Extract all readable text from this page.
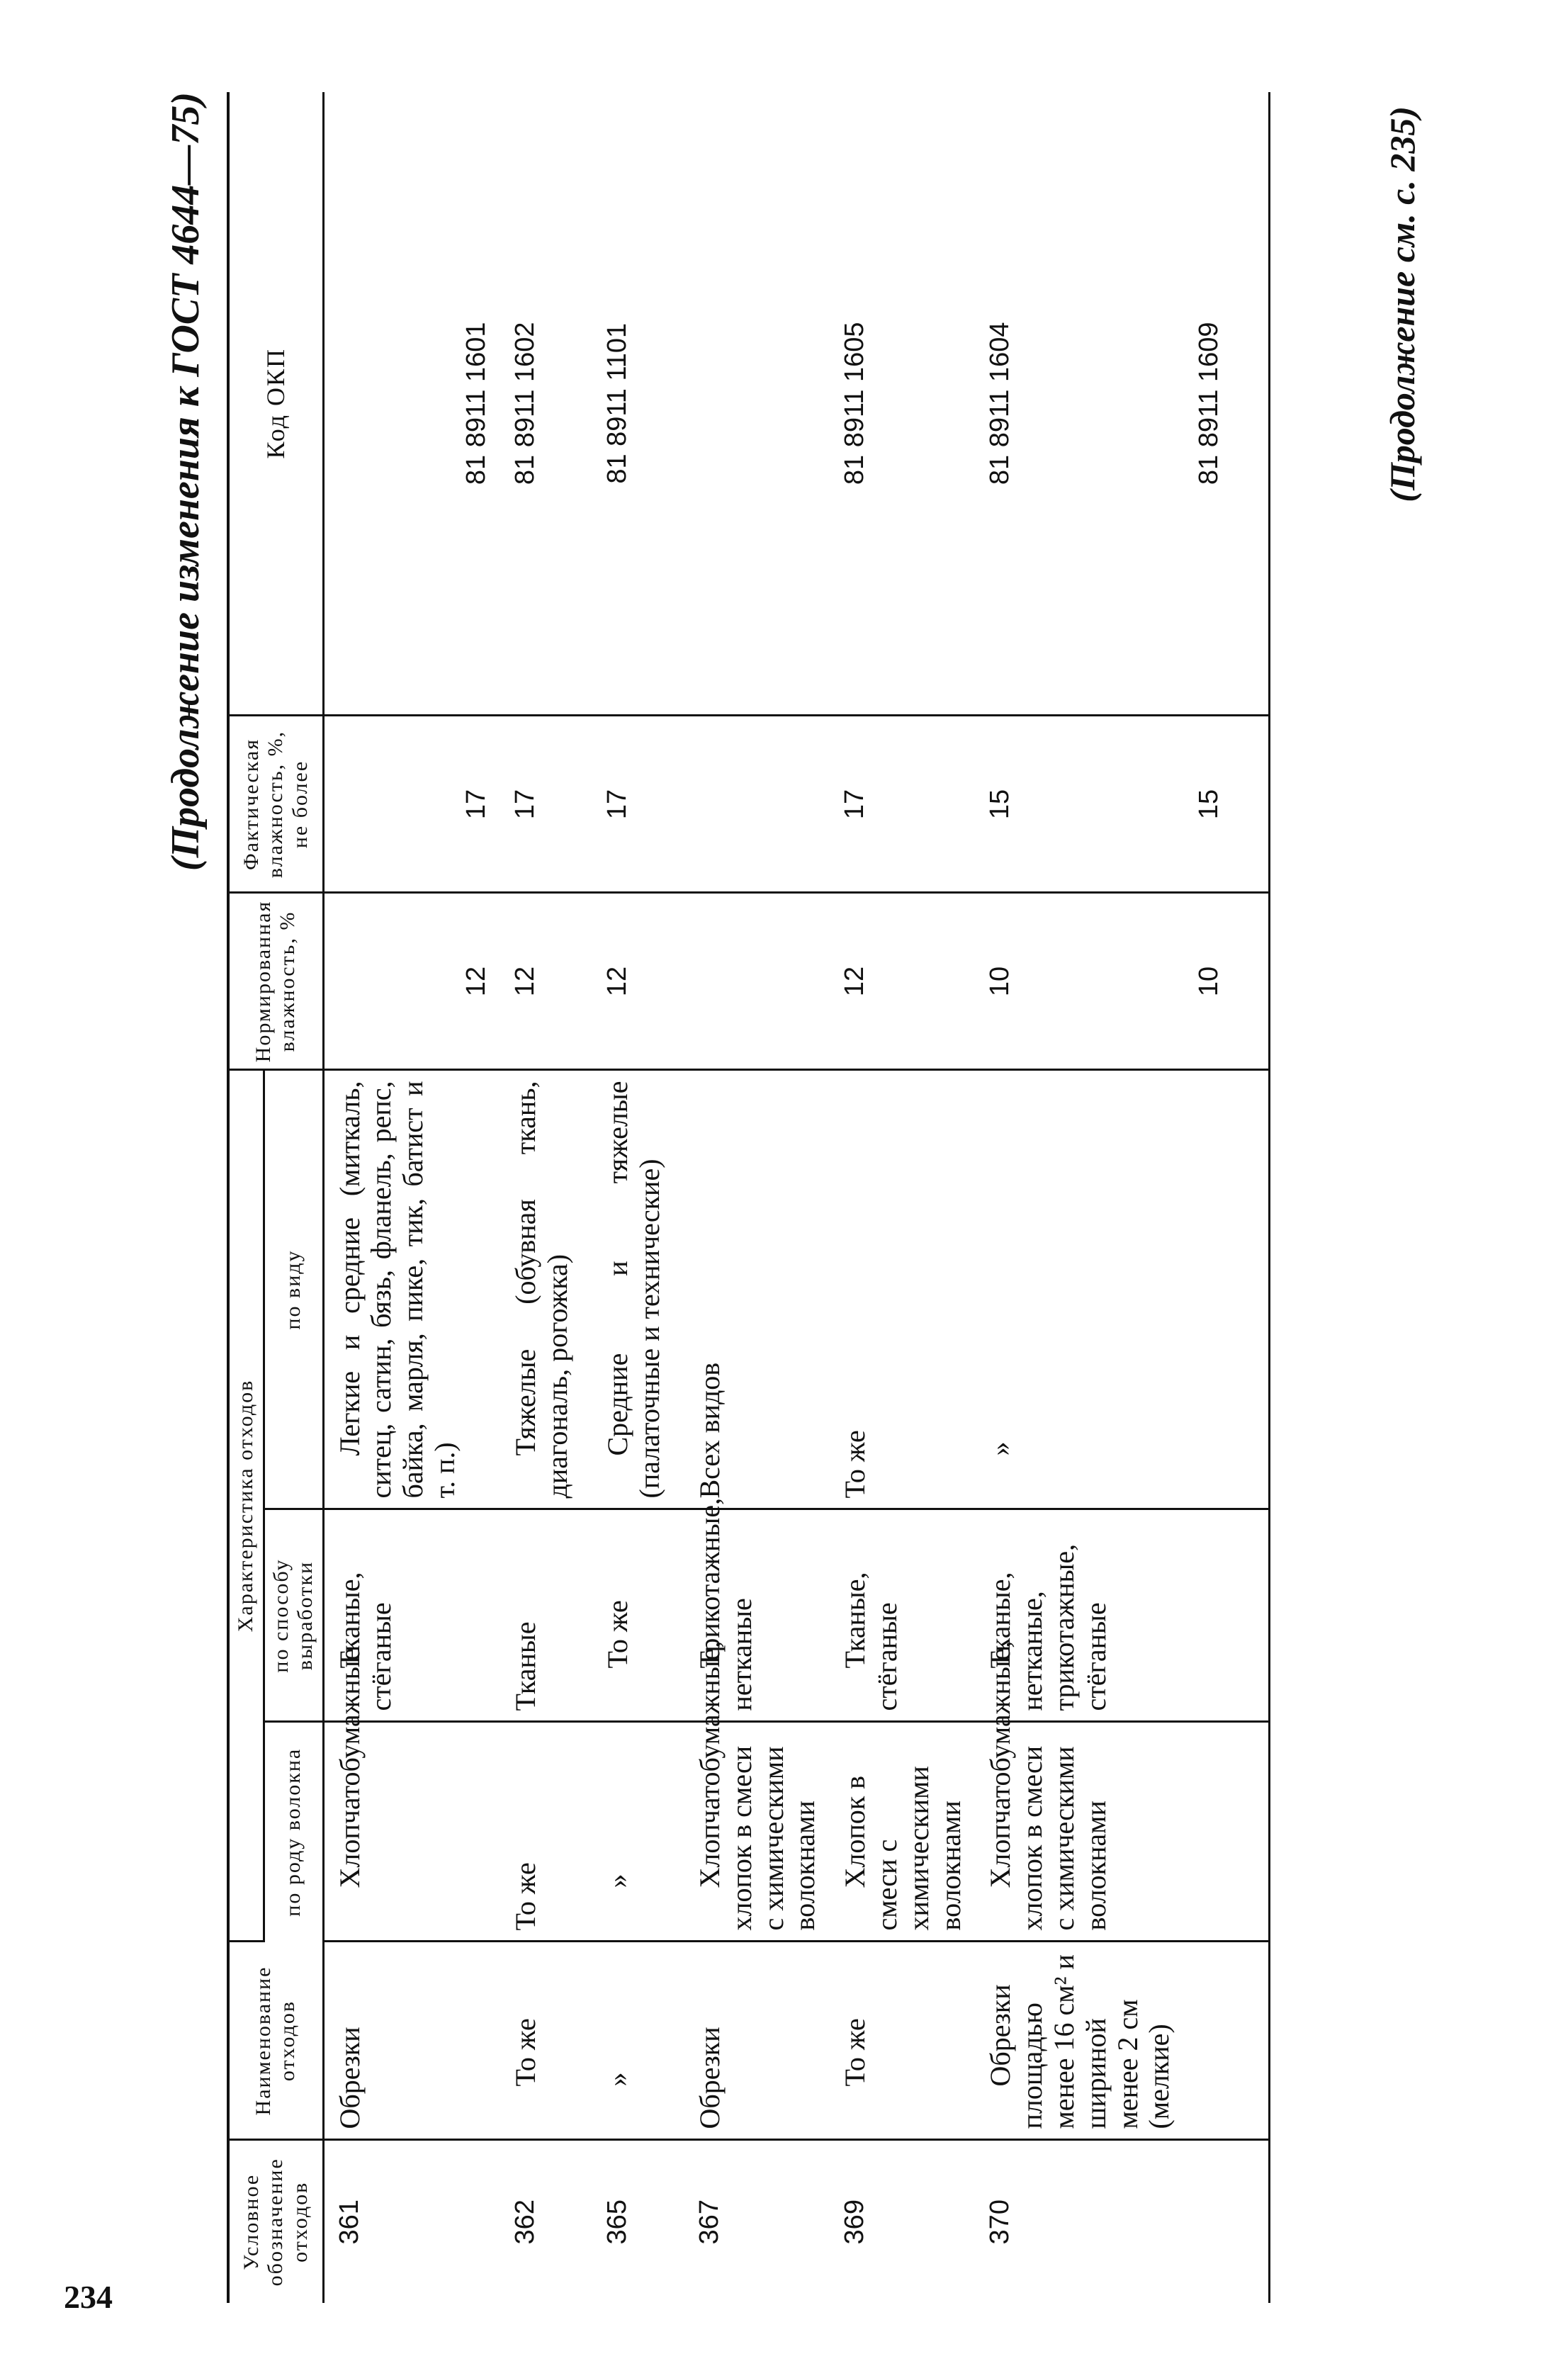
234
(Продолжение изменения к ГОСТ 4644—75)
Условное обозначение отходов	Наименование отходов	Характеристика отходов			Нормированная влажность, %	Фактическая влажность, %, не более	Код ОКП
		по роду волокна	по способу выработки	по виду			
361	Обрезки	Хлопчатобумажные	Тканые, стёганые	Легкие и средние (миткаль, ситец, сатин, бязь, фланель, репс, байка, марля, пике, тик, батист и т. п.)	12	17	81 8911 1601
362	То же	То же	Тканые	Тяжелые (обувная ткань, диагональ, рогожка)	12	17	81 8911 1602
365	»	»	То же	Средние и тяжелые (палаточные и технические)	12	17	81 8911 1101
367	Обрезки	Хлопчатобумажные, хлопок в смеси с химическими волокнами	Трикотажные, нетканые	Всех видов			
369	То же	Хлопок в смеси с химическими волокнами	Тканые, стёганые	То же	12	17	81 8911 1605
370	Обрезки площадью менее 16 см² и шириной менее 2 см (мелкие)	Хлопчатобумажные, хлопок в смеси с химическими волокнами	Тканые, нетканые, трикотажные, стёганые	»	10	15	81 8911 1604
					10	15	81 8911 1609	(Продолжение см. с. 235)
